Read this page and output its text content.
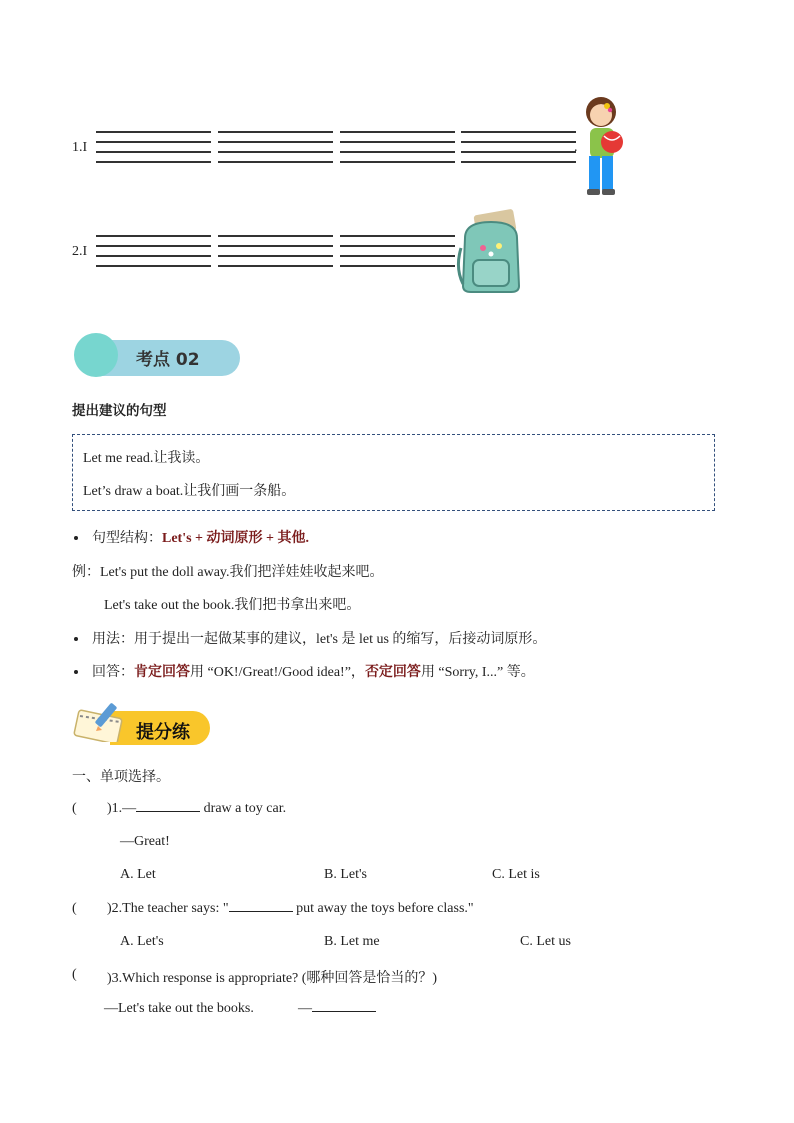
1.I	.
2.I
考点 02
提出建议的句型
Let me read.让我读。
Let’s draw a boat.让我们画一条船。
句型结构：Let's + 动词原形 + 其他.
例：Let's put the doll away.我们把洋娃娃收起来吧。
Let's take out the book.我们把书拿出来吧。
用法：用于提出一起做某事的建议，let's 是 let us 的缩写，后接动词原形。
回答：肯定回答用 “OK!/Great!/Good idea!”，否定回答用 “Sorry, I...” 等。
提分练
一、单项选择。
( )1.—	draw a toy car.
—Great!
A. Let	B. Let's	C. Let is
( )2.The teacher says: "	put away the toys before class."
A. Let's	B. Let me	C. Let us
( )3.Which response is appropriate? (哪种回答是恰当的？)
—Let's take out the books.	—
